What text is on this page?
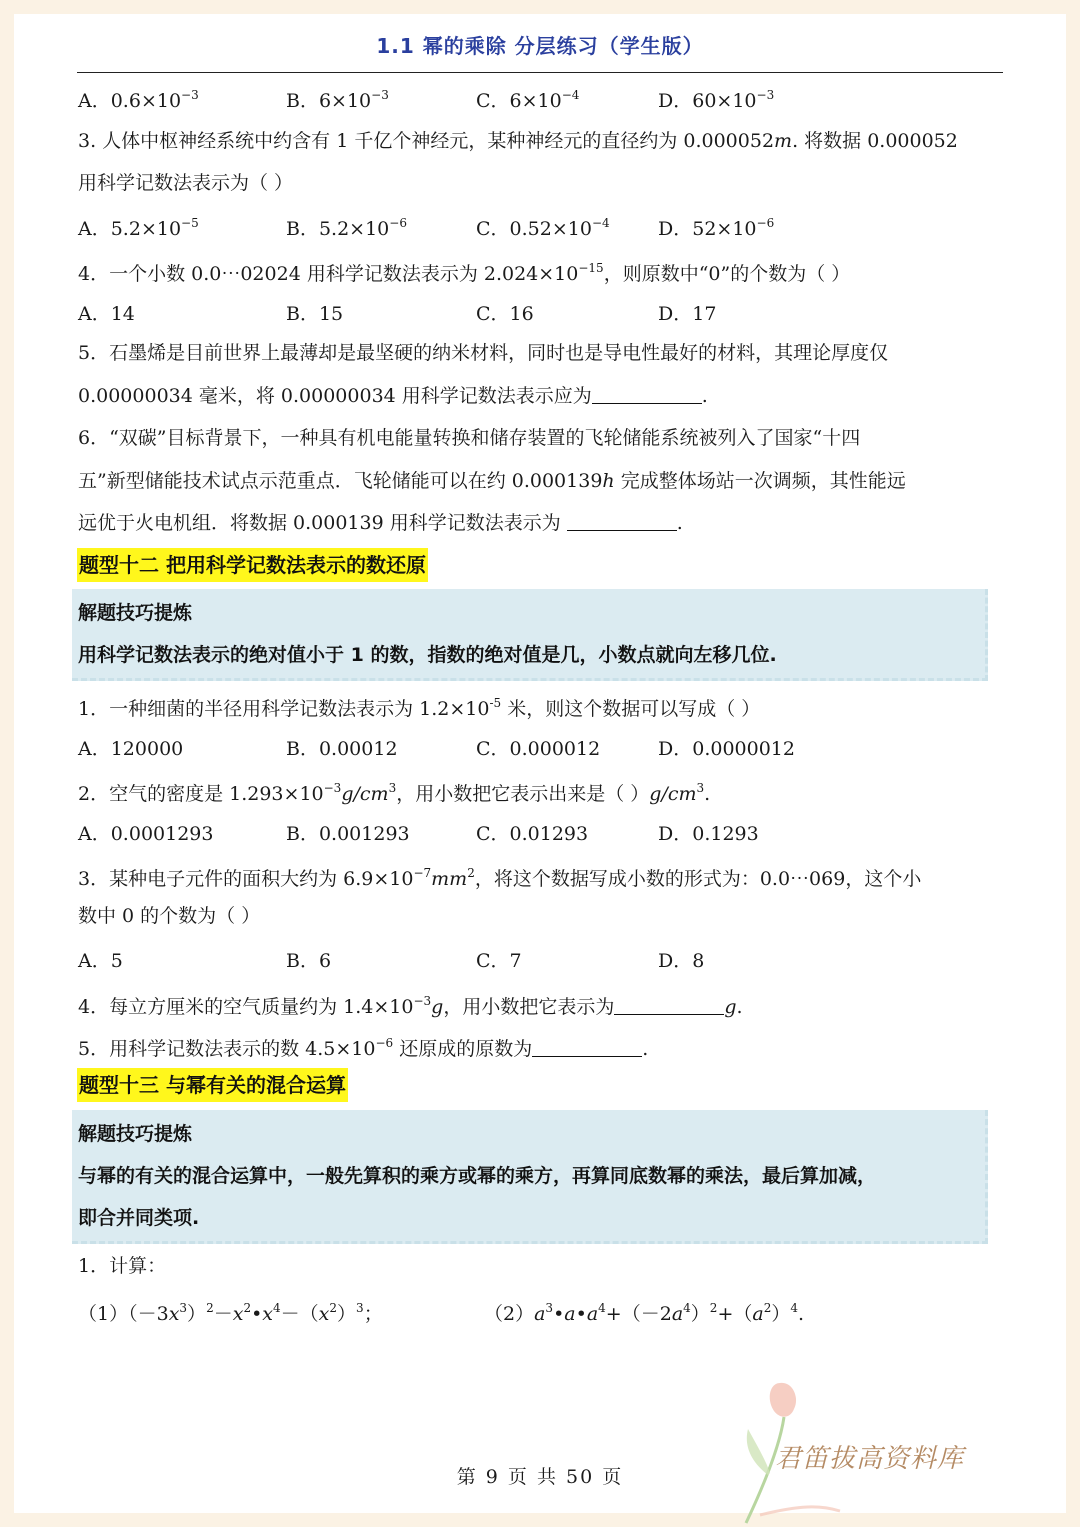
1.1 幂的乘除 分层练习（学生版）
A．$0.6\times 10^{-3}$	B．$6\times 10^{-3}$	C．$6\times 10^{-4}$	D．$60\times 10^{-3}$
3. 人体中枢神经系统中约含有 1 千亿个神经元，某种神经元的直径约为 0.000052m. 将数据 0.000052
用科学记数法表示为（ ）
A．$5.2\times 10^{-5}$	B．$5.2\times 10^{-6}$	C．$0.52\times 10^{-4}$	D．$52\times 10^{-6}$
4．一个小数 0.0⋯02024 用科学记数法表示为 $2.024\times 10^{-15}$，则原数中“0”的个数为（ ）
A．14	B．15	C．16	D．17
5．石墨烯是目前世界上最薄却是最坚硬的纳米材料，同时也是导电性最好的材料，其理论厚度仅
0.00000034 毫米，将 0.00000034 用科学记数法表示应为	.
6．“双碳”目标背景下，一种具有机电能量转换和储存装置的飞轮储能系统被列入了国家“十四
五”新型储能技术试点示范重点．飞轮储能可以在约 0.000139h 完成整体场站一次调频，其性能远
远优于火电机组．将数据 0.000139 用科学记数法表示为	.
题型十二 把用科学记数法表示的数还原
解题技巧提炼
用科学记数法表示的绝对值小于 1 的数，指数的绝对值是几，小数点就向左移几位.
1．一种细菌的半径用科学记数法表示为 $1.2\times 10^{-5}$ 米，则这个数据可以写成（ ）
A．120000	B．0.00012	C．0.000012	D．0.0000012
2．空气的密度是 $1.293\times 10^{-3}g/cm^3$，用小数把它表示出来是（ ）$g/cm^3$.
A．0.0001293	B．0.001293	C．0.01293	D．0.1293
3．某种电子元件的面积大约为 $6.9\times 10^{-7}mm^2$，将这个数据写成小数的形式为：0.0⋯069，这个小
数中 0 的个数为（ ）
A．5	B．6	C．7	D．8
4．每立方厘米的空气质量约为 $1.4\times 10^{-3}g$，用小数把它表示为	g.
5．用科学记数法表示的数 $4.5\times 10^{-6}$ 还原成的原数为	.
题型十三 与幂有关的混合运算
解题技巧提炼
与幂的有关的混合运算中，一般先算积的乘方或幂的乘方，再算同底数幂的乘法，最后算加减，
即合并同类项.
1．计算：
$(1)(-3x^3)^2-x^2•x^4-(x^2)^3$；	$(2)a^3•a•a^4+(-2a^4)^2+(a^2)^4$.
君笛拔高资料库
第 9 页 共 50 页
